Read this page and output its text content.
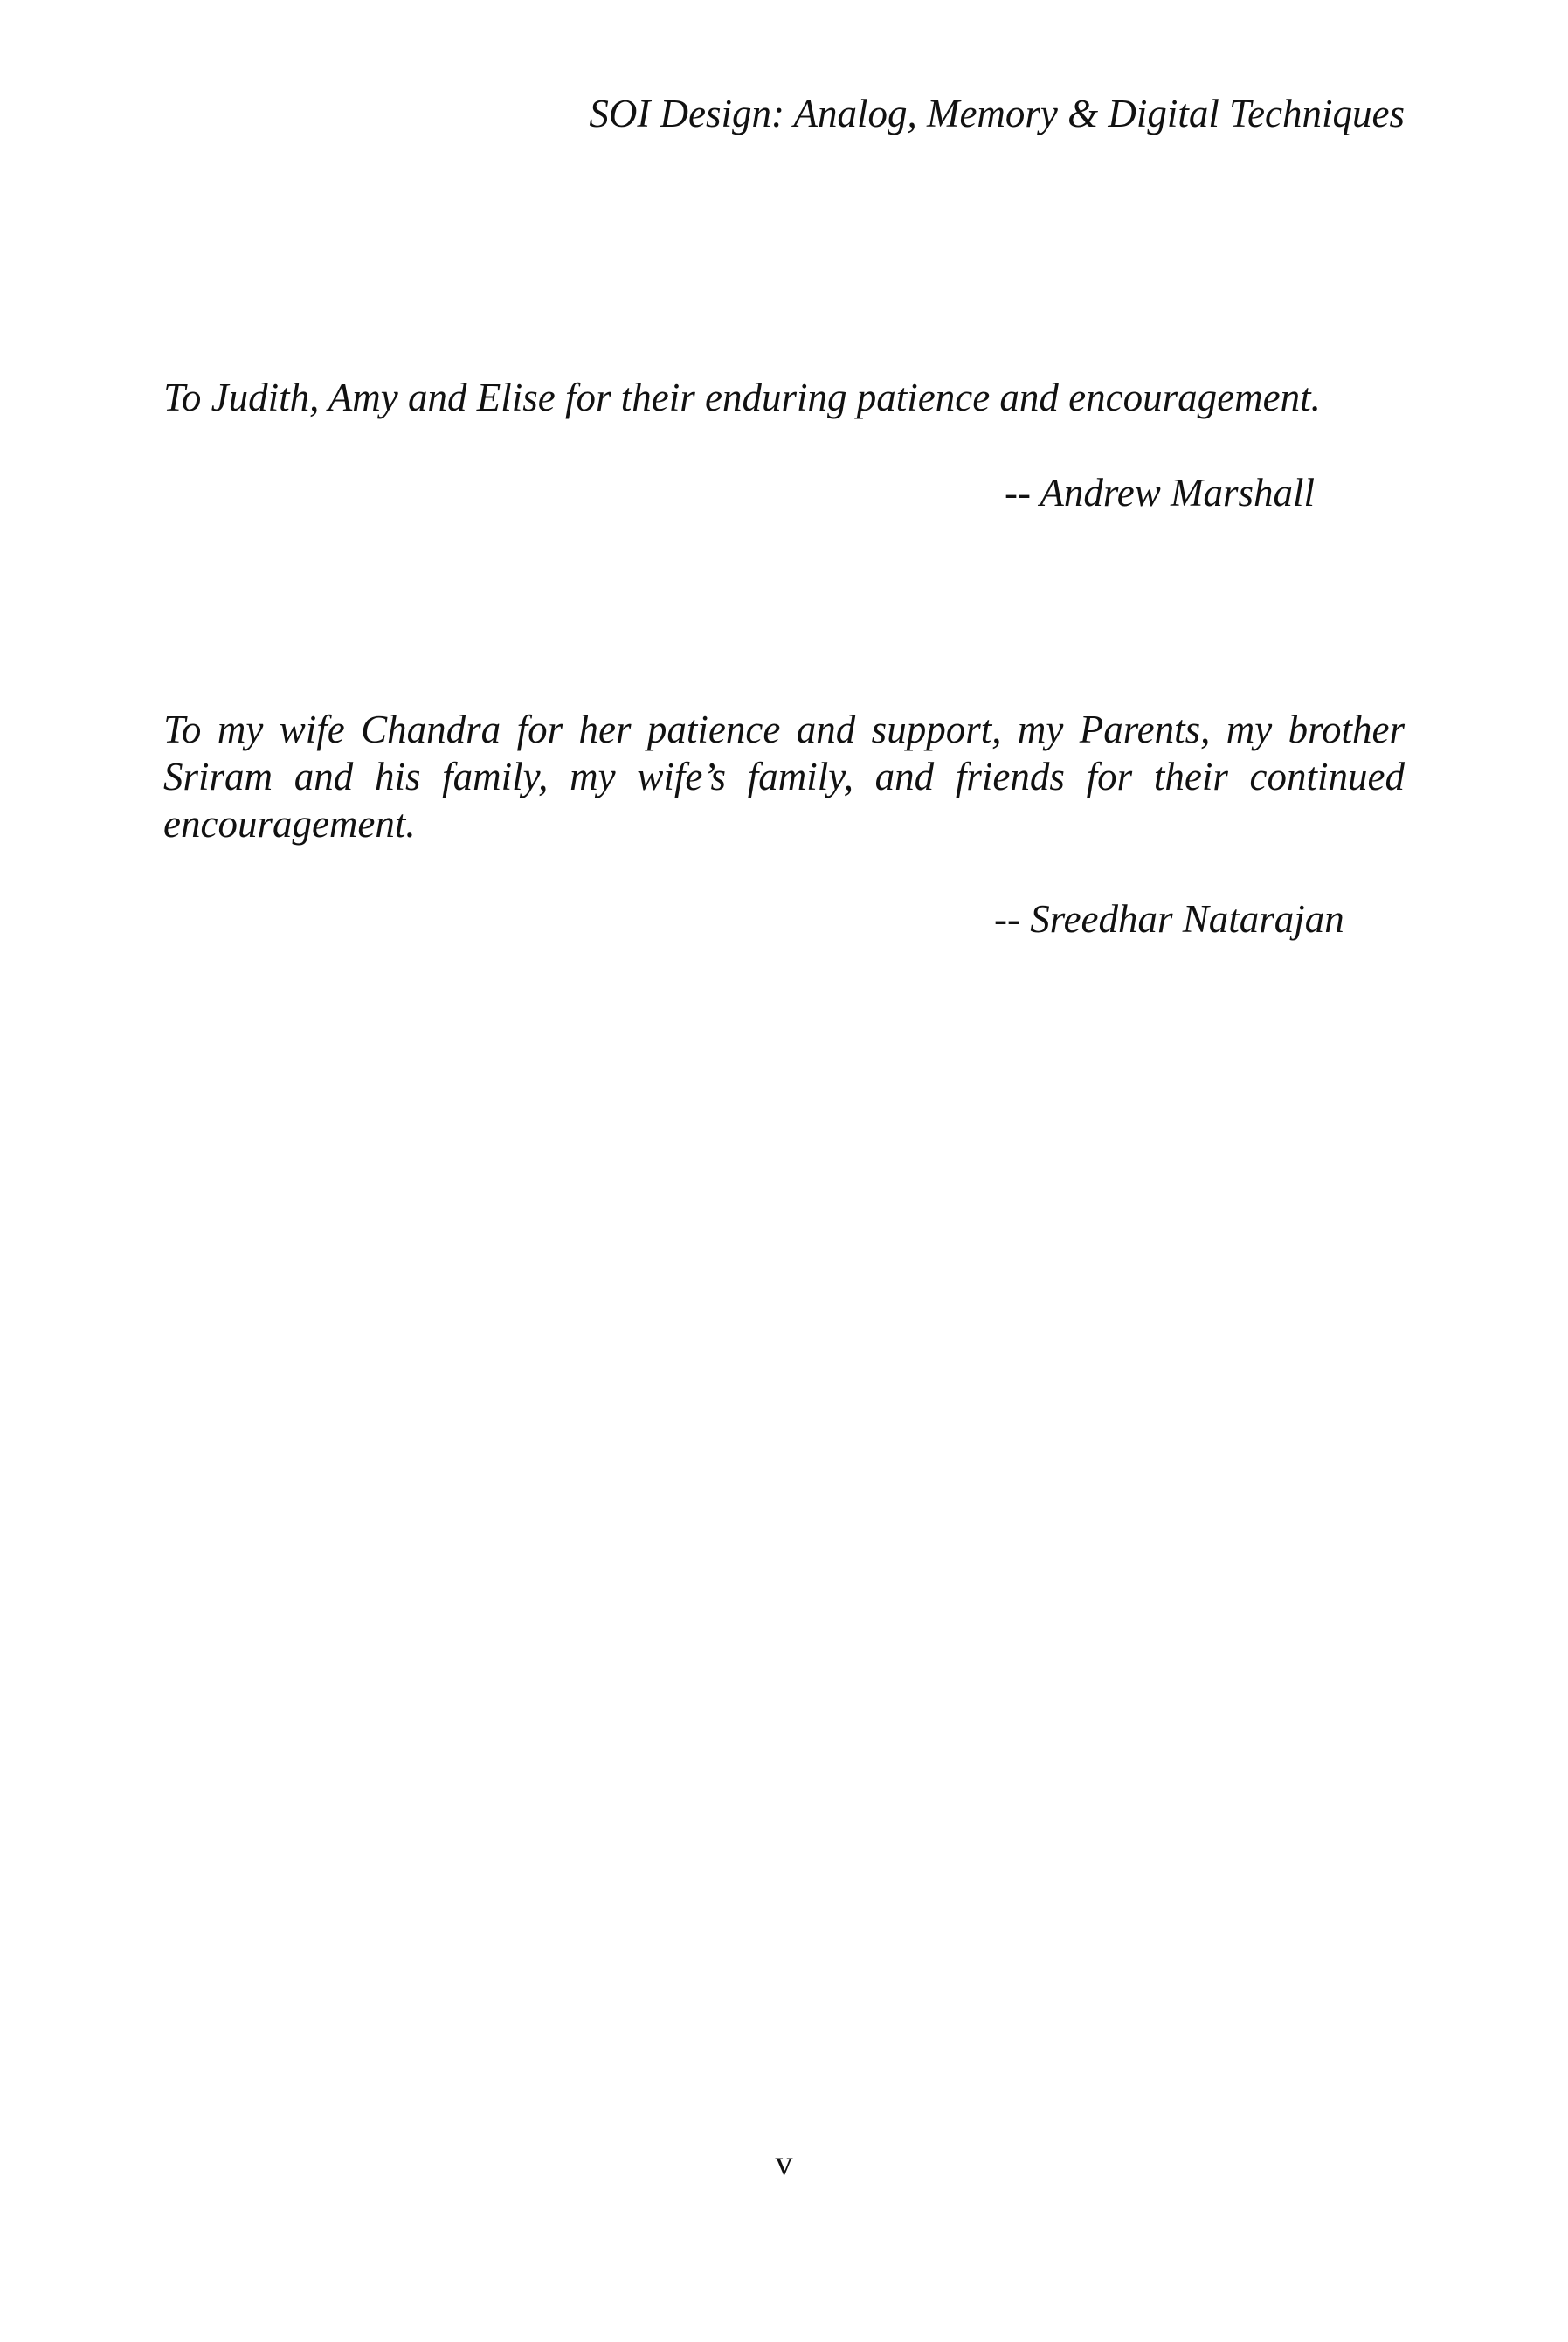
SOI Design: Analog, Memory & Digital Techniques

To Judith, Amy and Elise for their enduring patience and encouragement.

-- Andrew Marshall

To my wife Chandra for her patience and support, my Parents, my brother Sriram and his family, my wife’s family, and friends for their continued encouragement.

-- Sreedhar Natarajan
v
